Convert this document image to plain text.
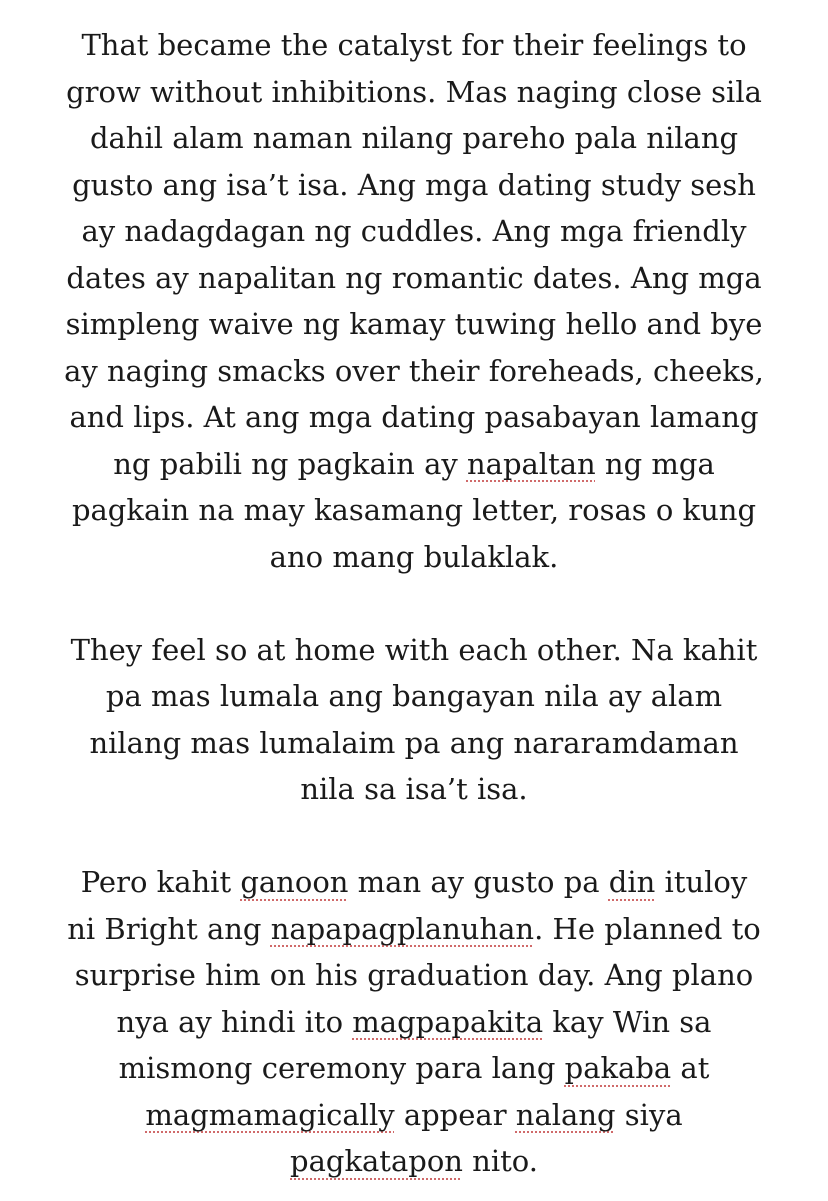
That became the catalyst for their feelings to
grow without inhibitions. Mas naging close sila
dahil alam naman nilang pareho pala nilang
gusto ang isa’t isa. Ang mga dating study sesh
ay nadagdagan ng cuddles. Ang mga friendly
dates ay napalitan ng romantic dates. Ang mga
simpleng waive ng kamay tuwing hello and bye
ay naging smacks over their foreheads, cheeks,
and lips. At ang mga dating pasabayan lamang
ng pabili ng pagkain ay napaltan ng mga
pagkain na may kasamang letter, rosas o kung
ano mang bulaklak.

They feel so at home with each other. Na kahit
pa mas lumala ang bangayan nila ay alam
nilang mas lumalaim pa ang nararamdaman
nila sa isa’t isa.

Pero kahit ganoon man ay gusto pa din ituloy
ni Bright ang napapagplanuhan. He planned to
surprise him on his graduation day. Ang plano
nya ay hindi ito magpapakita kay Win sa
mismong ceremony para lang pakaba at
magmamagically appear nalang siya
pagkatapon nito.
